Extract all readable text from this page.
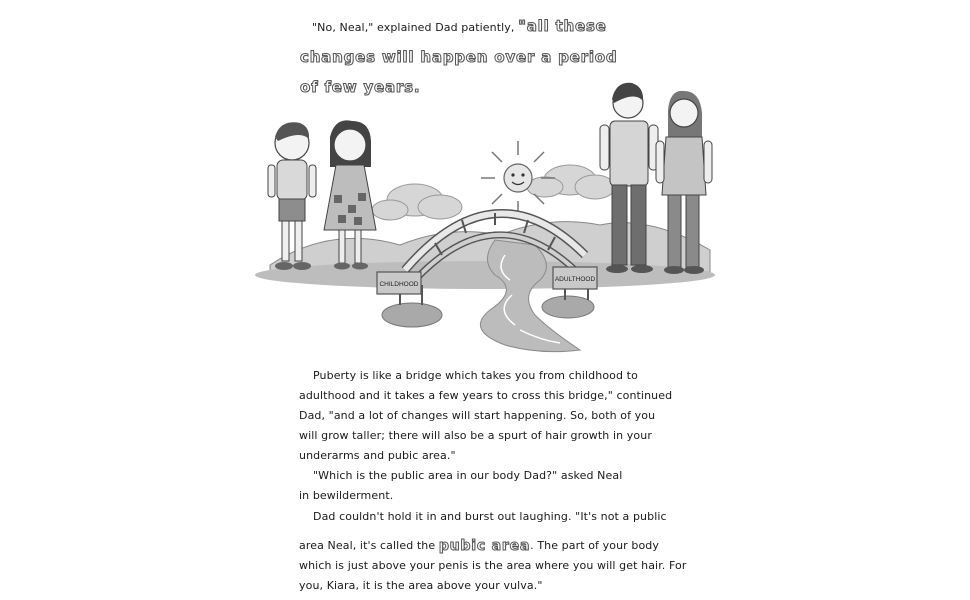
"No, Neal," explained Dad patiently, "all these
changes will happen over a period
of few years.
CHILDHOOD
ADULTHOOD
Puberty is like a bridge which takes you from childhood to
adulthood and it takes a few years to cross this bridge," continued
Dad, "and a lot of changes will start happening. So, both of you
will grow taller; there will also be a spurt of hair growth in your
underarms and pubic area."
"Which is the public area in our body Dad?" asked Neal
in bewilderment.
Dad couldn't hold it in and burst out laughing. "It's not a public
area Neal, it's called the pubic area. The part of your body
which is just above your penis is the area where you will get hair. For
you, Kiara, it is the area above your vulva."
